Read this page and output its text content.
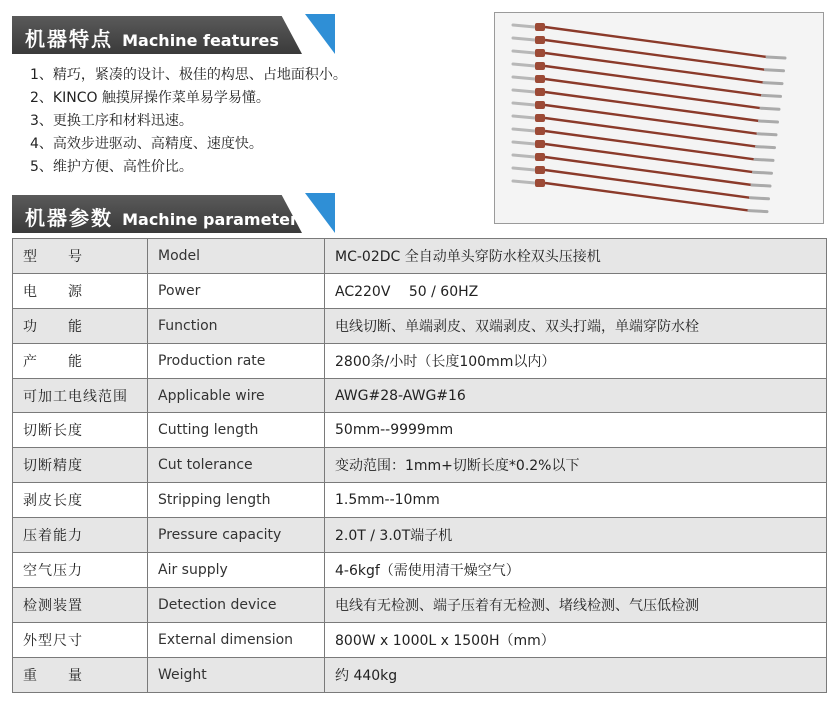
机器特点 Machine features
1、精巧，紧凑的设计、极佳的构思、占地面积小。
2、KINCO 触摸屏操作菜单易学易懂。
3、更换工序和材料迅速。
4、高效步进驱动、高精度、速度快。
5、维护方便、高性价比。
机器参数 Machine parameters
型　　号	Model	MC-02DC 全自动单头穿防水栓双头压接机
电　　源	Power	AC220V　 50 / 60HZ
功　　能	Function	电线切断、单端剥皮、双端剥皮、双头打端，单端穿防水栓
产　　能	Production rate	2800条/小时（长度100mm以内）
可加工电线范围	Applicable wire	AWG#28-AWG#16
切断长度	Cutting length	50mm--9999mm
切断精度	Cut tolerance	变动范围：1mm+切断长度*0.2%以下
剥皮长度	Stripping length	1.5mm--10mm
压着能力	Pressure capacity	2.0T / 3.0T端子机
空气压力	Air supply	4-6kgf（需使用清干燥空气）
检测装置	Detection device	电线有无检测、端子压着有无检测、堵线检测、气压低检测
外型尺寸	External dimension	800W x 1000L x 1500H（mm）
重　　量	Weight	约 440kg
